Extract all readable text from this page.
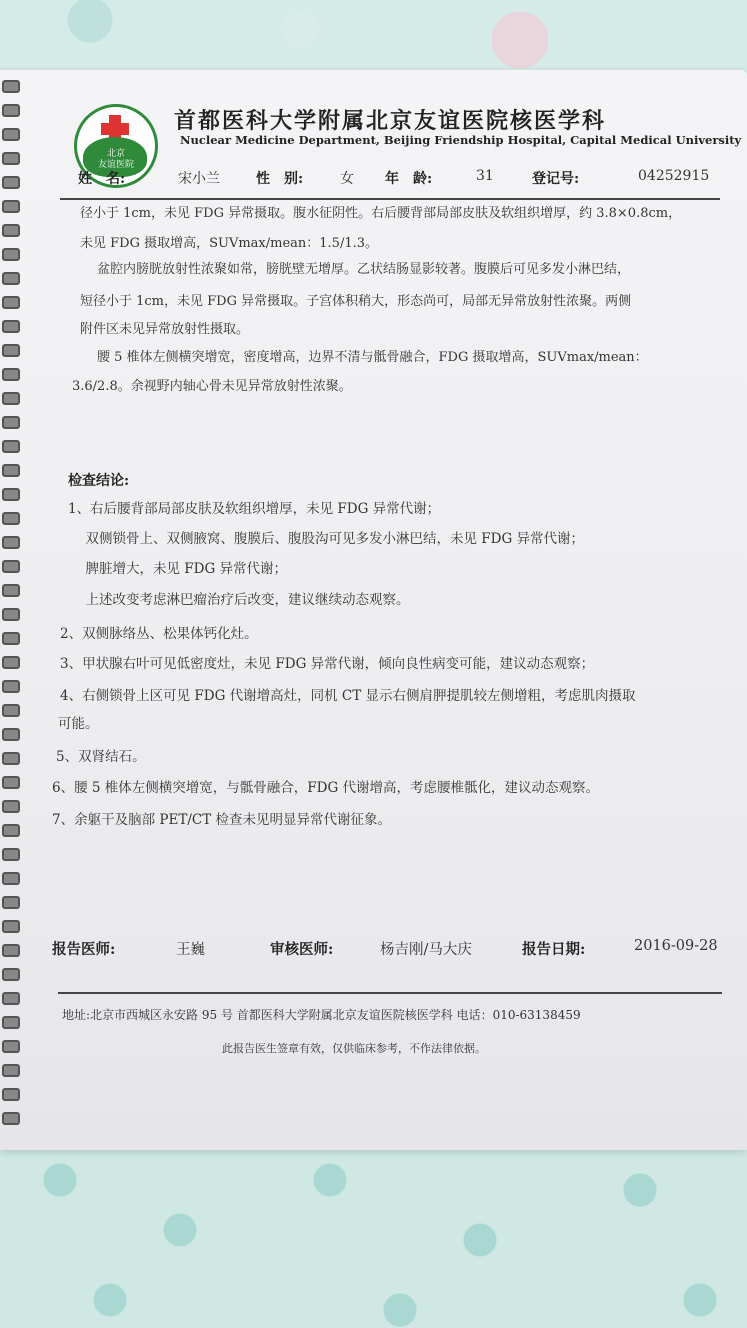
北京
友谊医院
首都医科大学附属北京友谊医院核医学科
Nuclear Medicine Department, Beijing Friendship Hospital, Capital Medical University
姓　名:	宋小兰	性　别:	女 年　龄:	31	登记号:	04252915
径小于 1cm，未见 FDG 异常摄取。腹水征阴性。右后腰背部局部皮肤及软组织增厚，约 3.8×0.8cm，
未见 FDG 摄取增高，SUVmax/mean：1.5/1.3。
　盆腔内膀胱放射性浓聚如常，膀胱壁无增厚。乙状结肠显影较著。腹膜后可见多发小淋巴结，
短径小于 1cm，未见 FDG 异常摄取。子宫体积稍大，形态尚可，局部无异常放射性浓聚。两侧
附件区未见异常放射性摄取。
　腰 5 椎体左侧横突增宽，密度增高，边界不清与骶骨融合，FDG 摄取增高，SUVmax/mean：
3.6/2.8。余视野内轴心骨未见异常放射性浓聚。
检查结论:
1、右后腰背部局部皮肤及软组织增厚，未见 FDG 异常代谢；
　双侧锁骨上、双侧腋窝、腹膜后、腹股沟可见多发小淋巴结，未见 FDG 异常代谢；
　脾脏增大，未见 FDG 异常代谢；
　上述改变考虑淋巴瘤治疗后改变，建议继续动态观察。
2、双侧脉络丛、松果体钙化灶。
3、甲状腺右叶可见低密度灶，未见 FDG 异常代谢，倾向良性病变可能，建议动态观察；
4、右侧锁骨上区可见 FDG 代谢增高灶，同机 CT 显示右侧肩胛提肌较左侧增粗，考虑肌肉摄取
可能。
5、双肾结石。
6、腰 5 椎体左侧横突增宽，与骶骨融合，FDG 代谢增高，考虑腰椎骶化，建议动态观察。
7、余躯干及脑部 PET/CT 检查未见明显异常代谢征象。
报告医师:	王巍	审核医师:	杨吉刚/马大庆	报告日期:	2016-09-28
地址:北京市西城区永安路 95 号 首都医科大学附属北京友谊医院核医学科 电话：010-63138459
此报告医生签章有效，仅供临床参考，不作法律依据。
